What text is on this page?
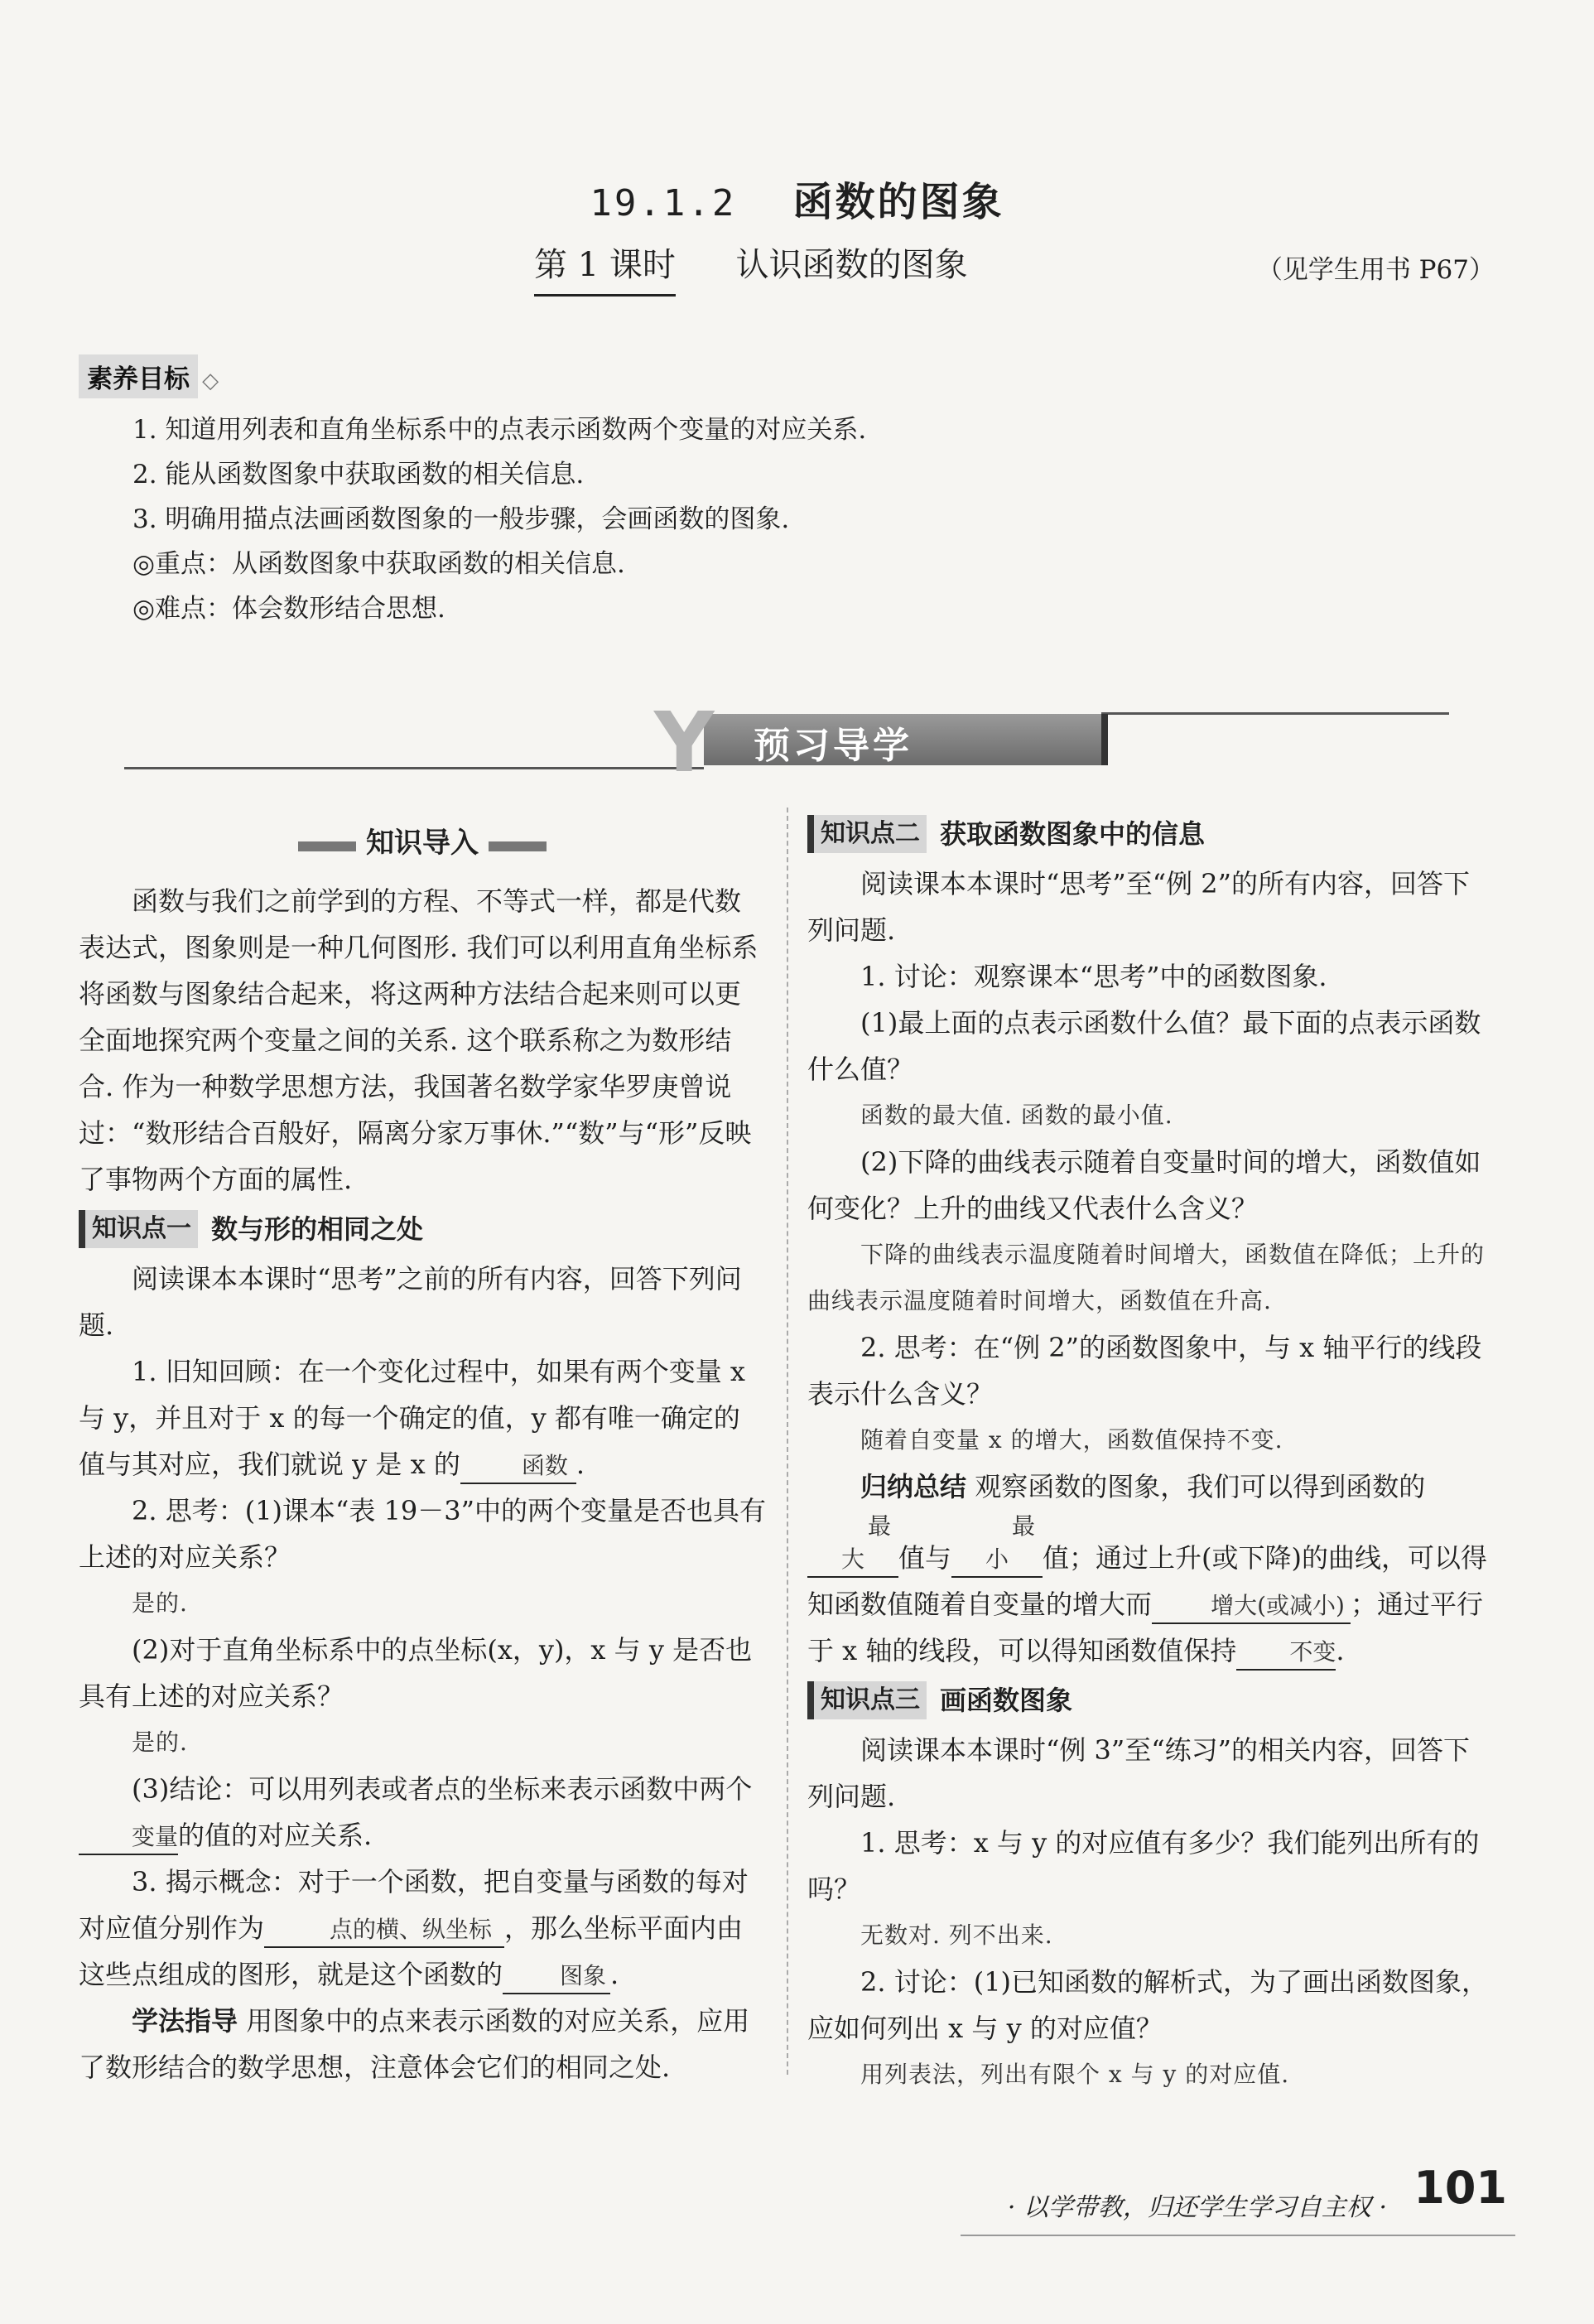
19.1.2 函数的图象
第 1 课时 认识函数的图象	（见学生用书 P67）
素养目标 ◇
1. 知道用列表和直角坐标系中的点表示函数两个变量的对应关系.
2. 能从函数图象中获取函数的相关信息.
3. 明确用描点法画函数图象的一般步骤，会画函数的图象.
◎重点：从函数图象中获取函数的相关信息.
◎难点：体会数形结合思想.
Y 预习导学
知识导入

函数与我们之前学到的方程、不等式一样，都是代数表达式，图象则是一种几何图形. 我们可以利用直角坐标系将函数与图象结合起来，将这两种方法结合起来则可以更全面地探究两个变量之间的关系. 这个联系称之为数形结合. 作为一种数学思想方法，我国著名数学家华罗庚曾说过：“数形结合百般好，隔离分家万事休.”“数”与“形”反映了事物两个方面的属性.

知识点一 数与形的相同之处

阅读课本本课时“思考”之前的所有内容，回答下列问题.

1. 旧知回顾：在一个变化过程中，如果有两个变量 x 与 y，并且对于 x 的每一个确定的值，y 都有唯一确定的值与其对应，我们就说 y 是 x 的	函数 .

2. 思考：(1)课本“表 19－3”中的两个变量是否也具有上述的对应关系？

是的.

(2)对于直角坐标系中的点坐标(x，y)，x 与 y 是否也具有上述的对应关系？

是的.

(3)结论：可以用列表或者点的坐标来表示函数中两个变量的值的对应关系.

3. 揭示概念：对于一个函数，把自变量与函数的每对对应值分别作为	点的横、纵坐标 ，那么坐标平面内由这些点组成的图形，就是这个函数的 图象 .

学法指导 用图象中的点来表示函数的对应关系，应用了数形结合的数学思想，注意体会它们的相同之处.

知识点二 获取函数图象中的信息

阅读课本本课时“思考”至“例 2”的所有内容，回答下列问题.

1. 讨论：观察课本“思考”中的函数图象.

(1)最上面的点表示函数什么值？最下面的点表示函数什么值？

函数的最大值. 函数的最小值.

(2)下降的曲线表示随着自变量时间的增大，函数值如何变化？上升的曲线又代表什么含义？

下降的曲线表示温度随着时间增大，函数值在降低；上升的曲线表示温度随着时间增大，函数值在升高.

2. 思考：在“例 2”的函数图象中，与 x 轴平行的线段表示什么含义？

随着自变量 x 的增大，函数值保持不变.

归纳总结 观察函数的图象，我们可以得到函数的最大 值与最小 值；通过上升(或下降)的曲线，可以得知函数值随着自变量的增大而	增大(或减小) ；通过平行于 x 轴的线段，可以得知函数值保持 不变.

知识点三 画函数图象

阅读课本本课时“例 3”至“练习”的相关内容，回答下列问题.

1. 思考：x 与 y 的对应值有多少？我们能列出所有的吗？

无数对. 列不出来.

2. 讨论：(1)已知函数的解析式，为了画出函数图象，应如何列出 x 与 y 的对应值？

用列表法，列出有限个 x 与 y 的对应值.

· 以学带教，归还学生学习自主权 · 101
